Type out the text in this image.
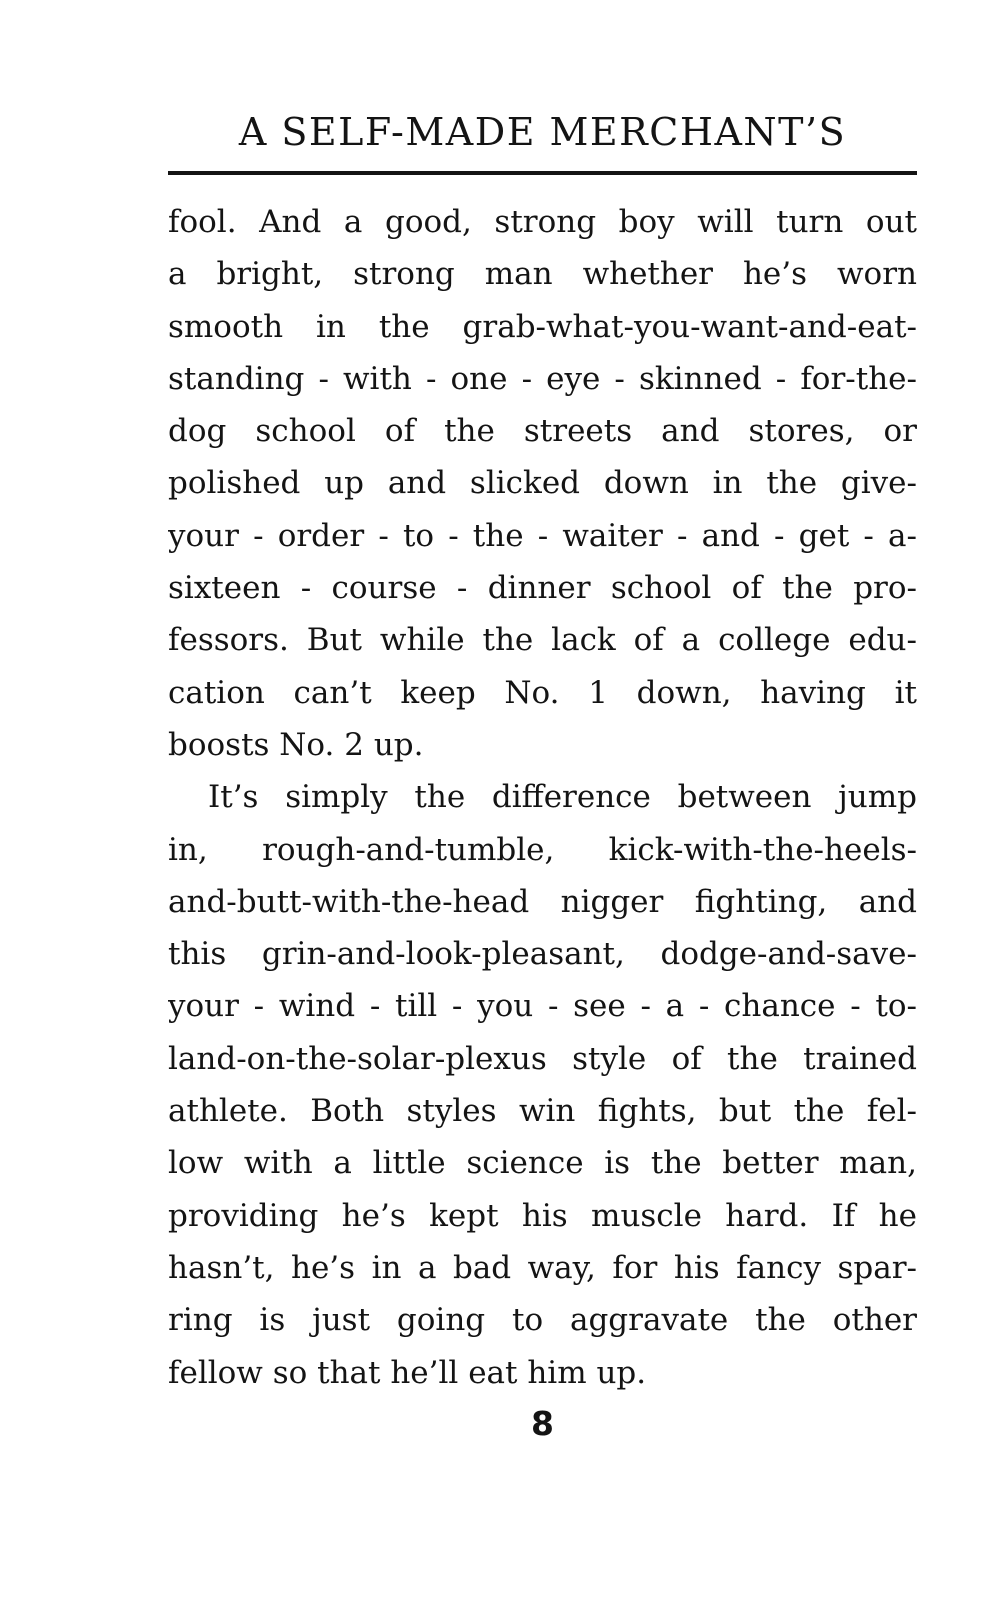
A SELF-MADE MERCHANT’S
fool. And a good, strong boy will turn out
a bright, strong man whether he’s worn
smooth in the grab-what-you-want-and-eat-
standing - with - one - eye - skinned - for-the-
dog school of the streets and stores, or
polished up and slicked down in the give-
your - order - to - the - waiter - and - get - a-
sixteen - course - dinner school of the pro-
fessors. But while the lack of a college edu-
cation can’t keep No. 1 down, having it
boosts No. 2 up.
It’s simply the difference between jump
in, rough-and-tumble, kick-with-the-heels-
and-butt-with-the-head nigger fighting, and
this grin-and-look-pleasant, dodge-and-save-
your - wind - till - you - see - a - chance - to-
land-on-the-solar-plexus style of the trained
athlete. Both styles win fights, but the fel-
low with a little science is the better man,
providing he’s kept his muscle hard. If he
hasn’t, he’s in a bad way, for his fancy spar-
ring is just going to aggravate the other
fellow so that he’ll eat him up.
8
